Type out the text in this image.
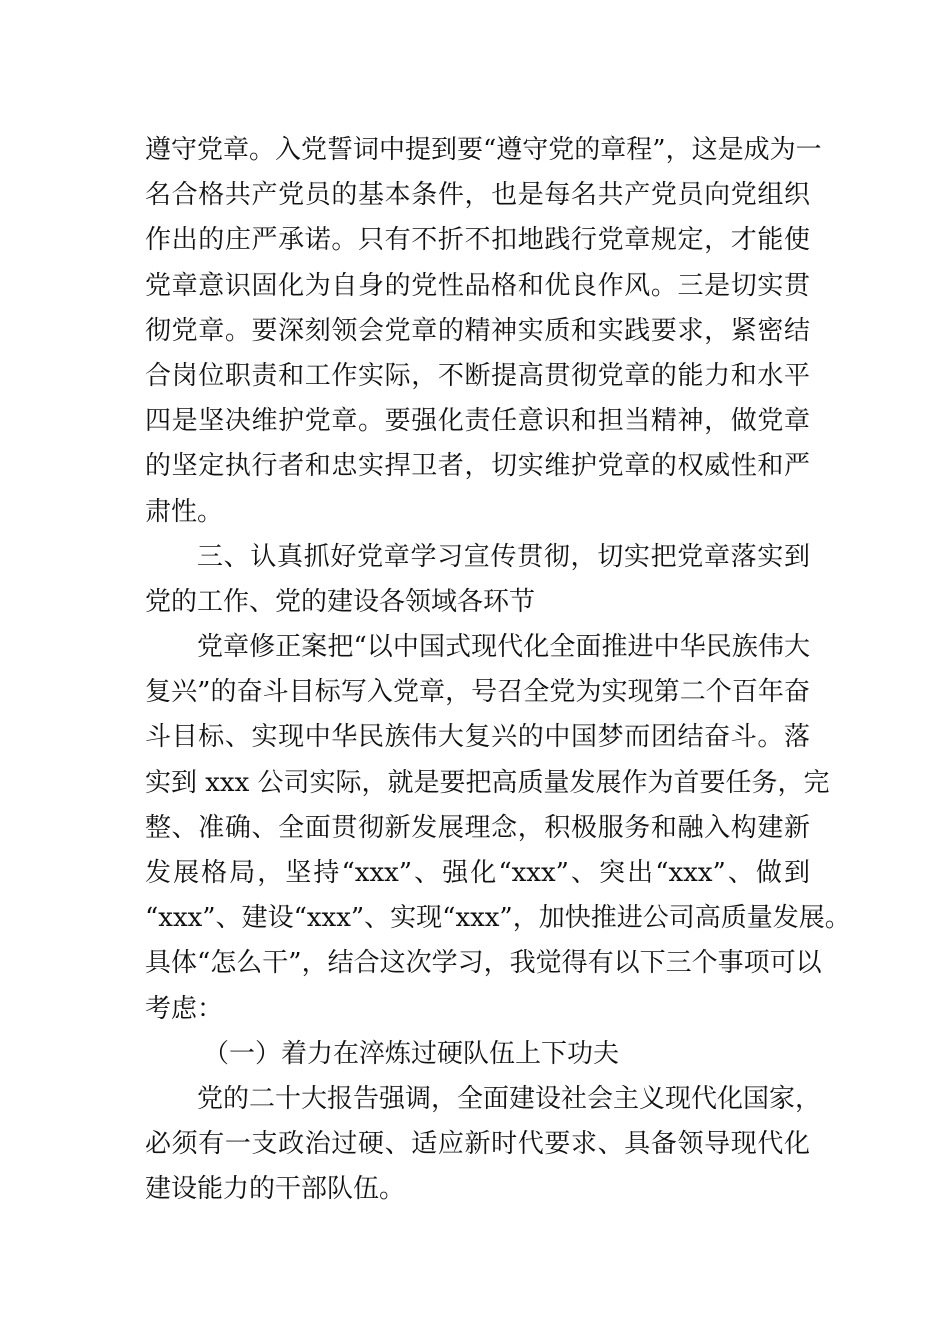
遵守党章。入党誓词中提到要“遵守党的章程”，这是成为一
名合格共产党员的基本条件，也是每名共产党员向党组织
作出的庄严承诺。只有不折不扣地践行党章规定，才能使
党章意识固化为自身的党性品格和优良作风。三是切实贯
彻党章。要深刻领会党章的精神实质和实践要求，紧密结
合岗位职责和工作实际，不断提高贯彻党章的能力和水平
四是坚决维护党章。要强化责任意识和担当精神，做党章
的坚定执行者和忠实捍卫者，切实维护党章的权威性和严
肃性。
三、认真抓好党章学习宣传贯彻，切实把党章落实到
党的工作、党的建设各领域各环节
党章修正案把“以中国式现代化全面推进中华民族伟大
复兴”的奋斗目标写入党章，号召全党为实现第二个百年奋
斗目标、实现中华民族伟大复兴的中国梦而团结奋斗。落
实到 xxx 公司实际，就是要把高质量发展作为首要任务，完
整、准确、全面贯彻新发展理念，积极服务和融入构建新
发展格局，坚持“xxx”、强化“xxx”、突出“xxx”、做到
“xxx”、建设“xxx”、实现“xxx”，加快推进公司高质量发展。
具体“怎么干”，结合这次学习，我觉得有以下三个事项可以
考虑：
（一）着力在淬炼过硬队伍上下功夫
党的二十大报告强调，全面建设社会主义现代化国家，
必须有一支政治过硬、适应新时代要求、具备领导现代化
建设能力的干部队伍。
